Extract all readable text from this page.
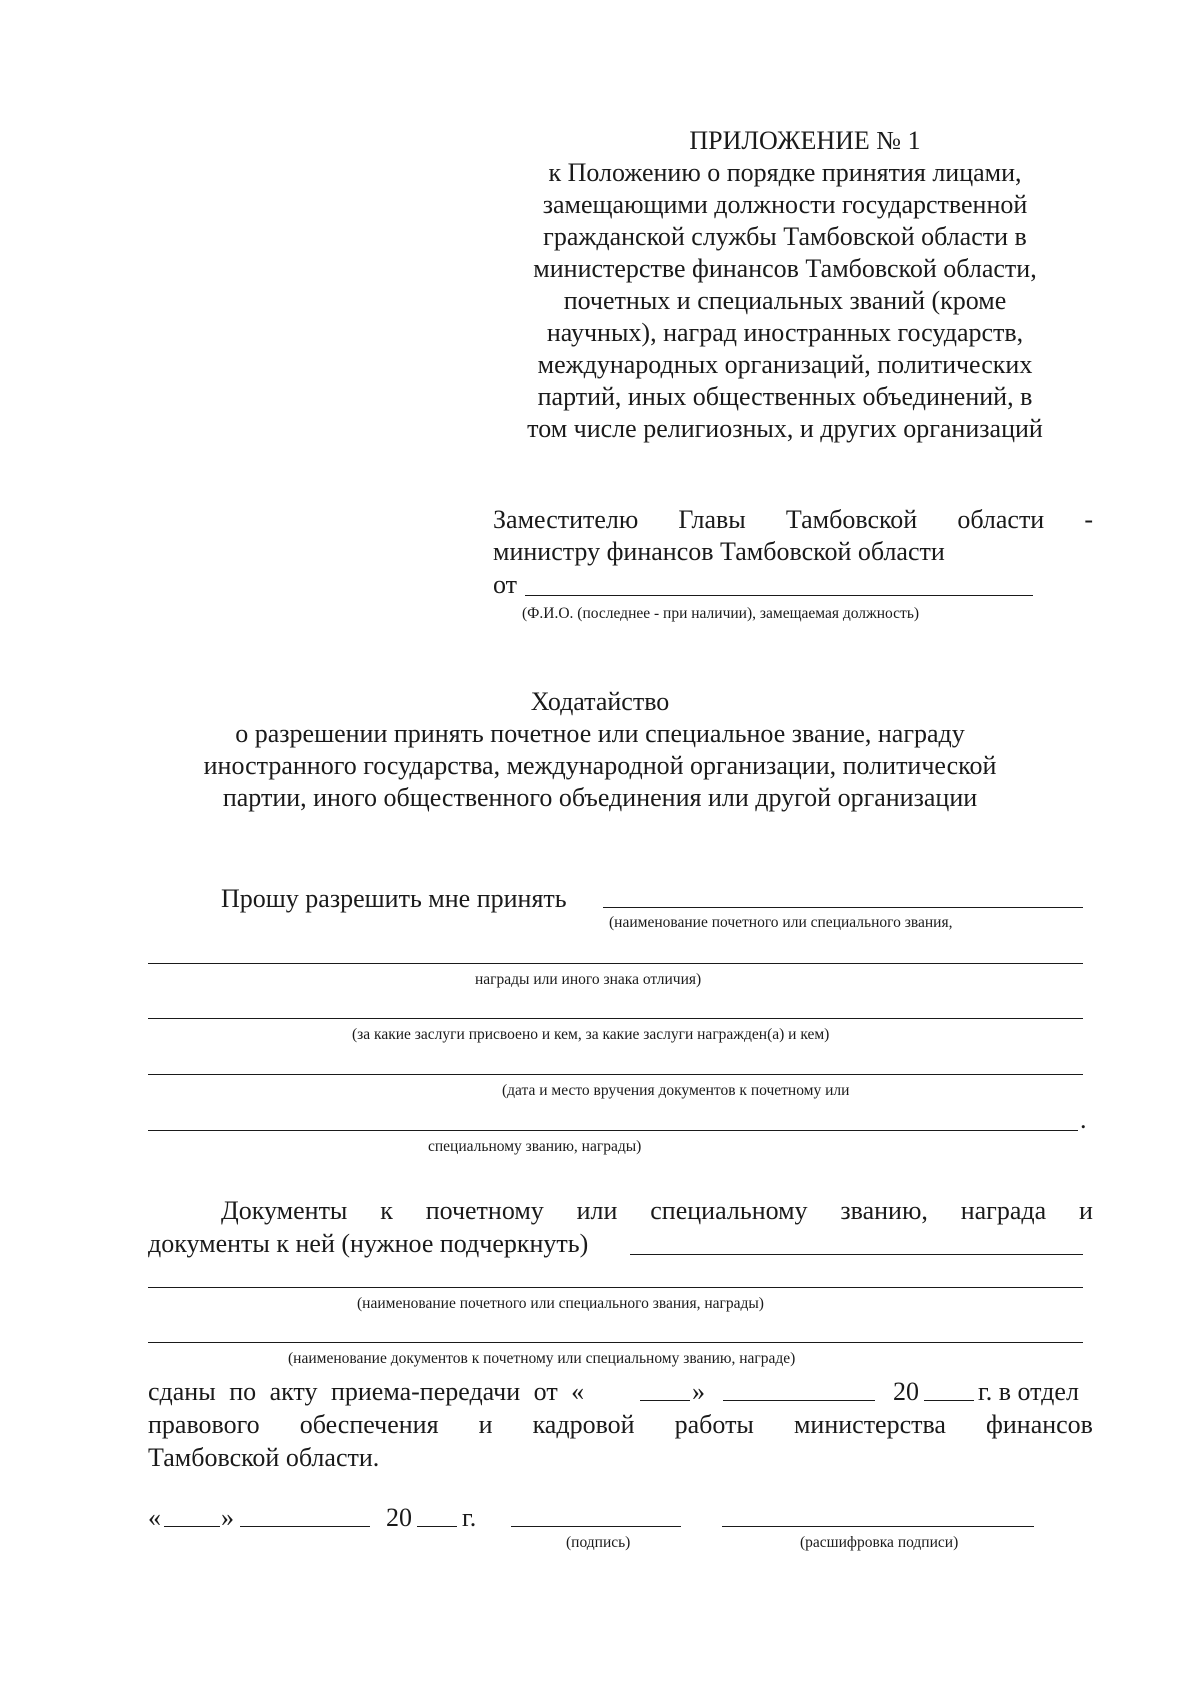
ПРИЛОЖЕНИЕ № 1
к Положению о порядке принятия лицами,
замещающими должности государственной
гражданской службы Тамбовской области в
министерстве финансов Тамбовской области,
почетных и специальных званий (кроме
научных), наград иностранных государств,
международных организаций, политических
партий, иных общественных объединений, в
том числе религиозных, и других организаций
Заместителю Главы Тамбовской области -
министру финансов Тамбовской области
от
(Ф.И.О. (последнее - при наличии), замещаемая должность)
Ходатайство
о разрешении принять почетное или специальное звание, награду
иностранного государства, международной организации, политической
партии, иного общественного объединения или другой организации
Прошу разрешить мне принять
(наименование почетного или специального звания,
награды или иного знака отличия)
(за какие заслуги присвоено и кем, за какие заслуги награжден(а) и кем)
(дата и место вручения документов к почетному или
.
специальному званию, награды)
Документы к почетному или специальному званию, награда и
документы к ней (нужное подчеркнуть)
(наименование почетного или специального звания, награды)
(наименование документов к почетному или специальному званию, награде)
сданы по акту приема-передачи от «	»	20 г. в отдел
правового обеспечения и кадровой работы министерства финансов
Тамбовской области.
« »	20 г.
(подпись)	(расшифровка подписи)
